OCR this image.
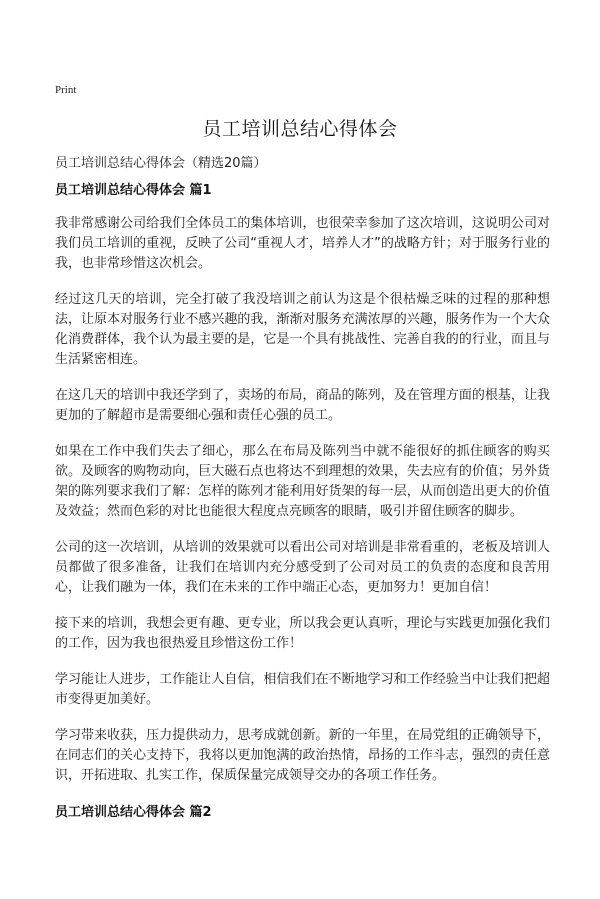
Print
员工培训总结心得体会
员工培训总结心得体会（精选20篇）
员工培训总结心得体会 篇1

我非常感谢公司给我们全体员工的集体培训，也很荣幸参加了这次培训，这说明公司对我们员工培训的重视，反映了公司“重视人才，培养人才”的战略方针；对于服务行业的我，也非常珍惜这次机会。

经过这几天的培训，完全打破了我没培训之前认为这是个很枯燥乏味的过程的那种想法，让原本对服务行业不感兴趣的我，渐渐对服务充满浓厚的兴趣，服务作为一个大众化消费群体，我个认为最主要的是，它是一个具有挑战性、完善自我的的行业，而且与生活紧密相连。

在这几天的培训中我还学到了，卖场的布局，商品的陈列，及在管理方面的根基，让我更加的了解超市是需要细心强和责任心强的员工。

如果在工作中我们失去了细心，那么在布局及陈列当中就不能很好的抓住顾客的购买欲。及顾客的购物动向，巨大磁石点也将达不到理想的效果，失去应有的价值；另外货架的陈列要求我们了解：怎样的陈列才能利用好货架的每一层，从而创造出更大的价值及效益；然而色彩的对比也能很大程度点亮顾客的眼睛，吸引并留住顾客的脚步。

公司的这一次培训，从培训的效果就可以看出公司对培训是非常看重的，老板及培训人员都做了很多准备，让我们在培训内充分感受到了公司对员工的负责的态度和良苦用心，让我们融为一体，我们在未来的工作中端正心态，更加努力！更加自信！

接下来的培训，我想会更有趣、更专业，所以我会更认真听，理论与实践更加强化我们的工作，因为我也很热爱且珍惜这份工作！

学习能让人进步，工作能让人自信，相信我们在不断地学习和工作经验当中让我们把超市变得更加美好。

学习带来收获，压力提供动力，思考成就创新。新的一年里，在局党组的正确领导下，在同志们的关心支持下，我将以更加饱满的政治热情，昂扬的工作斗志，强烈的责任意识，开拓进取、扎实工作，保质保量完成领导交办的各项工作任务。

员工培训总结心得体会 篇2
